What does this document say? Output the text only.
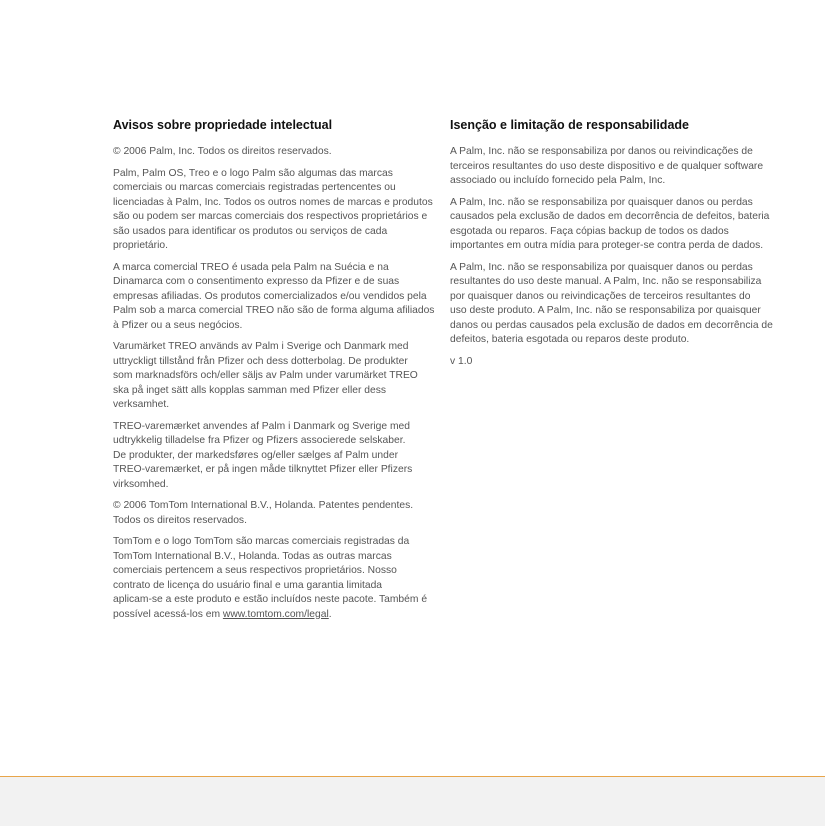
Avisos sobre propriedade intelectual
© 2006 Palm, Inc. Todos os direitos reservados.
Palm, Palm OS, Treo e o logo Palm são algumas das marcas
comerciais ou marcas comerciais registradas pertencentes ou
licenciadas à Palm, Inc. Todos os outros nomes de marcas e produtos
são ou podem ser marcas comerciais dos respectivos proprietários e
são usados para identificar os produtos ou serviços de cada
proprietário.
A marca comercial TREO é usada pela Palm na Suécia e na
Dinamarca com o consentimento expresso da Pfizer e de suas
empresas afiliadas. Os produtos comercializados e/ou vendidos pela
Palm sob a marca comercial TREO não são de forma alguma afiliados
à Pfizer ou a seus negócios.
Varumärket TREO används av Palm i Sverige och Danmark med
uttryckligt tillstånd från Pfizer och dess dotterbolag. De produkter
som marknadsförs och/eller säljs av Palm under varumärket TREO
ska på inget sätt alls kopplas samman med Pfizer eller dess
verksamhet.
TREO-varemærket anvendes af Palm i Danmark og Sverige med
udtrykkelig tilladelse fra Pfizer og Pfizers associerede selskaber.
De produkter, der markedsføres og/eller sælges af Palm under
TREO-varemærket, er på ingen måde tilknyttet Pfizer eller Pfizers
virksomhed.
© 2006 TomTom International B.V., Holanda. Patentes pendentes.
Todos os direitos reservados.
TomTom e o logo TomTom são marcas comerciais registradas da
TomTom International B.V., Holanda. Todas as outras marcas
comerciais pertencem a seus respectivos proprietários. Nosso
contrato de licença do usuário final e uma garantia limitada
aplicam-se a este produto e estão incluídos neste pacote. Também é
possível acessá-los em www.tomtom.com/legal.
Isenção e limitação de responsabilidade
A Palm, Inc. não se responsabiliza por danos ou reivindicações de
terceiros resultantes do uso deste dispositivo e de qualquer software
associado ou incluído fornecido pela Palm, Inc.
A Palm, Inc. não se responsabiliza por quaisquer danos ou perdas
causados pela exclusão de dados em decorrência de defeitos, bateria
esgotada ou reparos. Faça cópias backup de todos os dados
importantes em outra mídia para proteger-se contra perda de dados.
A Palm, Inc. não se responsabiliza por quaisquer danos ou perdas
resultantes do uso deste manual. A Palm, Inc. não se responsabiliza
por quaisquer danos ou reivindicações de terceiros resultantes do
uso deste produto. A Palm, Inc. não se responsabiliza por quaisquer
danos ou perdas causados pela exclusão de dados em decorrência de
defeitos, bateria esgotada ou reparos deste produto.
v 1.0
